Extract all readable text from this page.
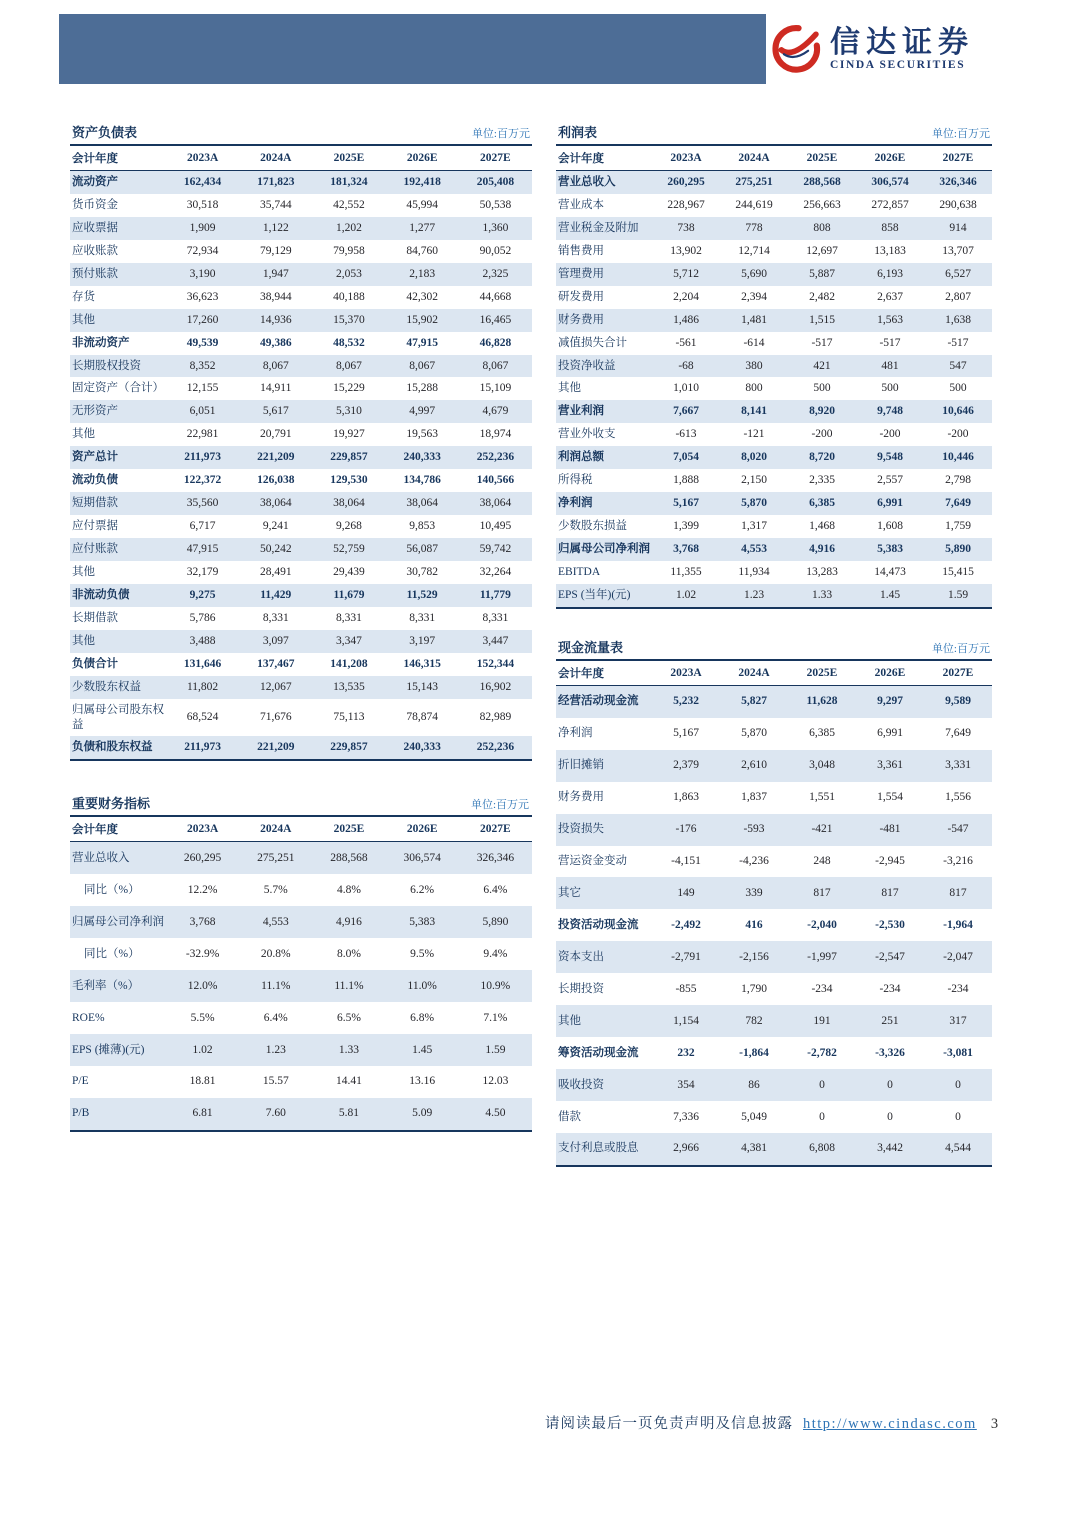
信达证券
CINDA SECURITIES
资产负债表	单位:百万元
会计年度	2023A	2024A	2025E	2026E	2027E
流动资产	162,434	171,823	181,324	192,418	205,408
货币资金	30,518	35,744	42,552	45,994	50,538
应收票据	1,909	1,122	1,202	1,277	1,360
应收账款	72,934	79,129	79,958	84,760	90,052
预付账款	3,190	1,947	2,053	2,183	2,325
存货	36,623	38,944	40,188	42,302	44,668
其他	17,260	14,936	15,370	15,902	16,465
非流动资产	49,539	49,386	48,532	47,915	46,828
长期股权投资	8,352	8,067	8,067	8,067	8,067
固定资产（合计）	12,155	14,911	15,229	15,288	15,109
无形资产	6,051	5,617	5,310	4,997	4,679
其他	22,981	20,791	19,927	19,563	18,974
资产总计	211,973	221,209	229,857	240,333	252,236
流动负债	122,372	126,038	129,530	134,786	140,566
短期借款	35,560	38,064	38,064	38,064	38,064
应付票据	6,717	9,241	9,268	9,853	10,495
应付账款	47,915	50,242	52,759	56,087	59,742
其他	32,179	28,491	29,439	30,782	32,264
非流动负债	9,275	11,429	11,679	11,529	11,779
长期借款	5,786	8,331	8,331	8,331	8,331
其他	3,488	3,097	3,347	3,197	3,447
负债合计	131,646	137,467	141,208	146,315	152,344
少数股东权益	11,802	12,067	13,535	15,143	16,902
归属母公司股东权益	68,524	71,676	75,113	78,874	82,989
负债和股东权益	211,973	221,209	229,857	240,333	252,236
重要财务指标	单位:百万元
会计年度	2023A	2024A	2025E	2026E	2027E
营业总收入	260,295	275,251	288,568	306,574	326,346
同比（%）	12.2%	5.7%	4.8%	6.2%	6.4%
归属母公司净利润	3,768	4,553	4,916	5,383	5,890
同比（%）	-32.9%	20.8%	8.0%	9.5%	9.4%
毛利率（%）	12.0%	11.1%	11.1%	11.0%	10.9%
ROE%	5.5%	6.4%	6.5%	6.8%	7.1%
EPS (摊薄)(元)	1.02	1.23	1.33	1.45	1.59
P/E	18.81	15.57	14.41	13.16	12.03
P/B	6.81	7.60	5.81	5.09	4.50
利润表	单位:百万元
会计年度	2023A	2024A	2025E	2026E	2027E
营业总收入	260,295	275,251	288,568	306,574	326,346
营业成本	228,967	244,619	256,663	272,857	290,638
营业税金及附加	738	778	808	858	914
销售费用	13,902	12,714	12,697	13,183	13,707
管理费用	5,712	5,690	5,887	6,193	6,527
研发费用	2,204	2,394	2,482	2,637	2,807
财务费用	1,486	1,481	1,515	1,563	1,638
减值损失合计	-561	-614	-517	-517	-517
投资净收益	-68	380	421	481	547
其他	1,010	800	500	500	500
营业利润	7,667	8,141	8,920	9,748	10,646
营业外收支	-613	-121	-200	-200	-200
利润总额	7,054	8,020	8,720	9,548	10,446
所得税	1,888	2,150	2,335	2,557	2,798
净利润	5,167	5,870	6,385	6,991	7,649
少数股东损益	1,399	1,317	1,468	1,608	1,759
归属母公司净利润	3,768	4,553	4,916	5,383	5,890
EBITDA	11,355	11,934	13,283	14,473	15,415
EPS (当年)(元)	1.02	1.23	1.33	1.45	1.59
现金流量表	单位:百万元
会计年度	2023A	2024A	2025E	2026E	2027E
经营活动现金流	5,232	5,827	11,628	9,297	9,589
净利润	5,167	5,870	6,385	6,991	7,649
折旧摊销	2,379	2,610	3,048	3,361	3,331
财务费用	1,863	1,837	1,551	1,554	1,556
投资损失	-176	-593	-421	-481	-547
营运资金变动	-4,151	-4,236	248	-2,945	-3,216
其它	149	339	817	817	817
投资活动现金流	-2,492	416	-2,040	-2,530	-1,964
资本支出	-2,791	-2,156	-1,997	-2,547	-2,047
长期投资	-855	1,790	-234	-234	-234
其他	1,154	782	191	251	317
筹资活动现金流	232	-1,864	-2,782	-3,326	-3,081
吸收投资	354	86	0	0	0
借款	7,336	5,049	0	0	0
支付利息或股息	2,966	4,381	6,808	3,442	4,544
请阅读最后一页免责声明及信息披露 http://www.cindasc.com 3
